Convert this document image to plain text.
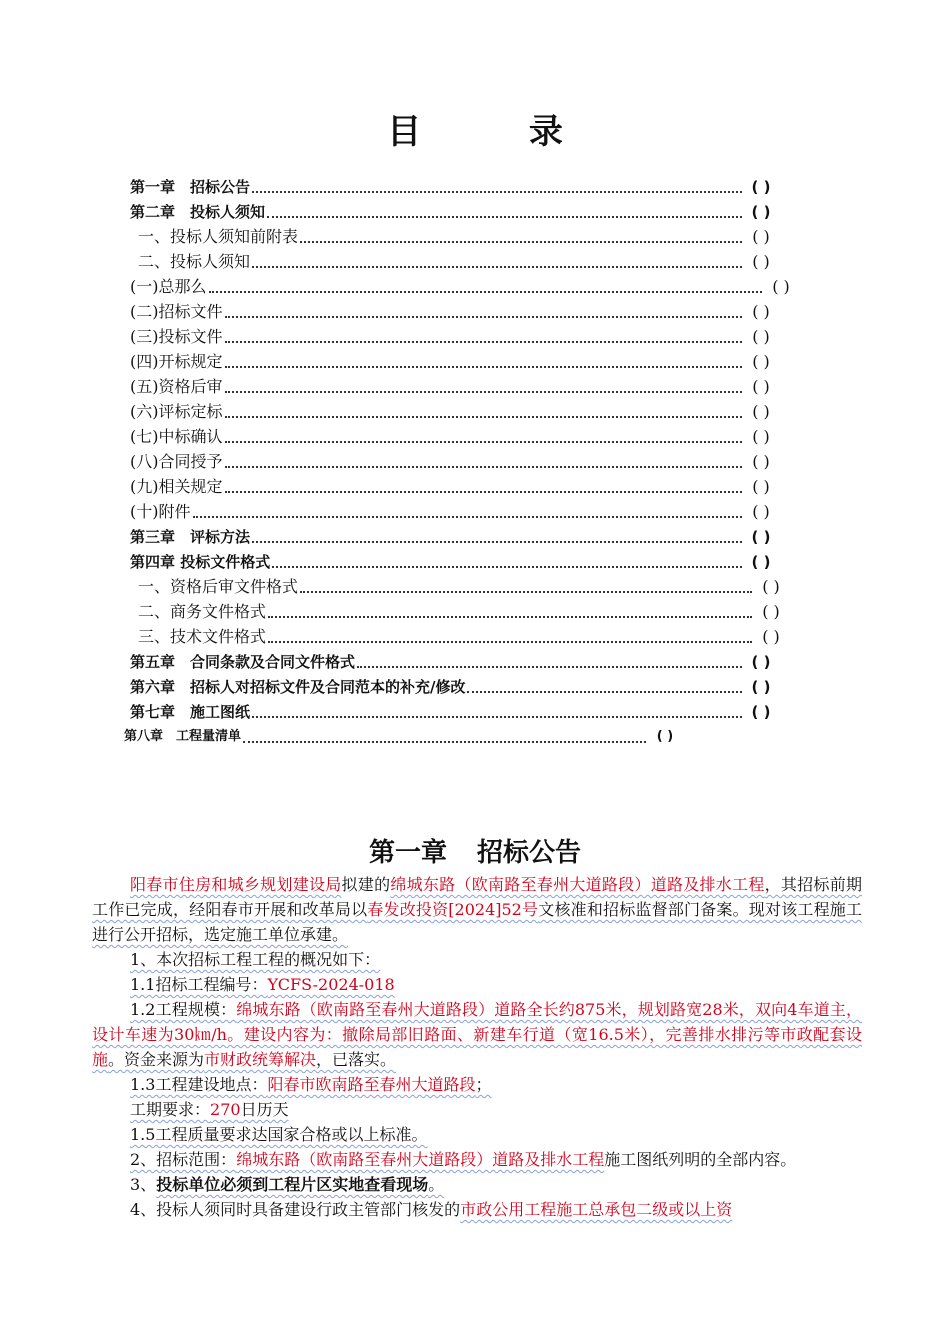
目 录
第一章　招标公告	( )
第二章　投标人须知	( )
一、投标人须知前附表	( )
二、投标人须知	( )
(一)总那么	( )
(二)招标文件	( )
(三)投标文件	( )
(四)开标规定	( )
(五)资格后审	( )
(六)评标定标	( )
(七)中标确认	( )
(八)合同授予	( )
(九)相关规定	( )
(十)附件	( )
第三章　评标方法	( )
第四章 投标文件格式	( )
一、资格后审文件格式	( )
二、商务文件格式	( )
三、技术文件格式	( )
第五章　合同条款及合同文件格式	( )
第六章　招标人对招标文件及合同范本的补充/修改	( )
第七章　施工图纸	( )
第八章　工程量清单	( )
第一章 招标公告

阳春市住房和城乡规划建设局拟建的绵城东路（欧南路至春州大道路段）道路及排水工程，其招标前期工作已完成，经阳春市开展和改革局以春发改投资[2024]52号文核准和招标监督部门备案。现对该工程施工进行公开招标，选定施工单位承建。

1、本次招标工程工程的概况如下：

1.1招标工程编号：YCFS-2024-018

1.2工程规模：绵城东路（欧南路至春州大道路段）道路全长约875米，规划路宽28米，双向4车道主，设计车速为30㎞/h。建设内容为：撤除局部旧路面、新建车行道（宽16.5米），完善排水排污等市政配套设施。资金来源为市财政统筹解决，已落实。

1.3工程建设地点：阳春市欧南路至春州大道路段；

工期要求：270日历天

1.5工程质量要求达国家合格或以上标准。

2、招标范围：绵城东路（欧南路至春州大道路段）道路及排水工程施工图纸列明的全部内容。

3、投标单位必须到工程片区实地查看现场。

4、投标人须同时具备建设行政主管部门核发的市政公用工程施工总承包二级或以上资
